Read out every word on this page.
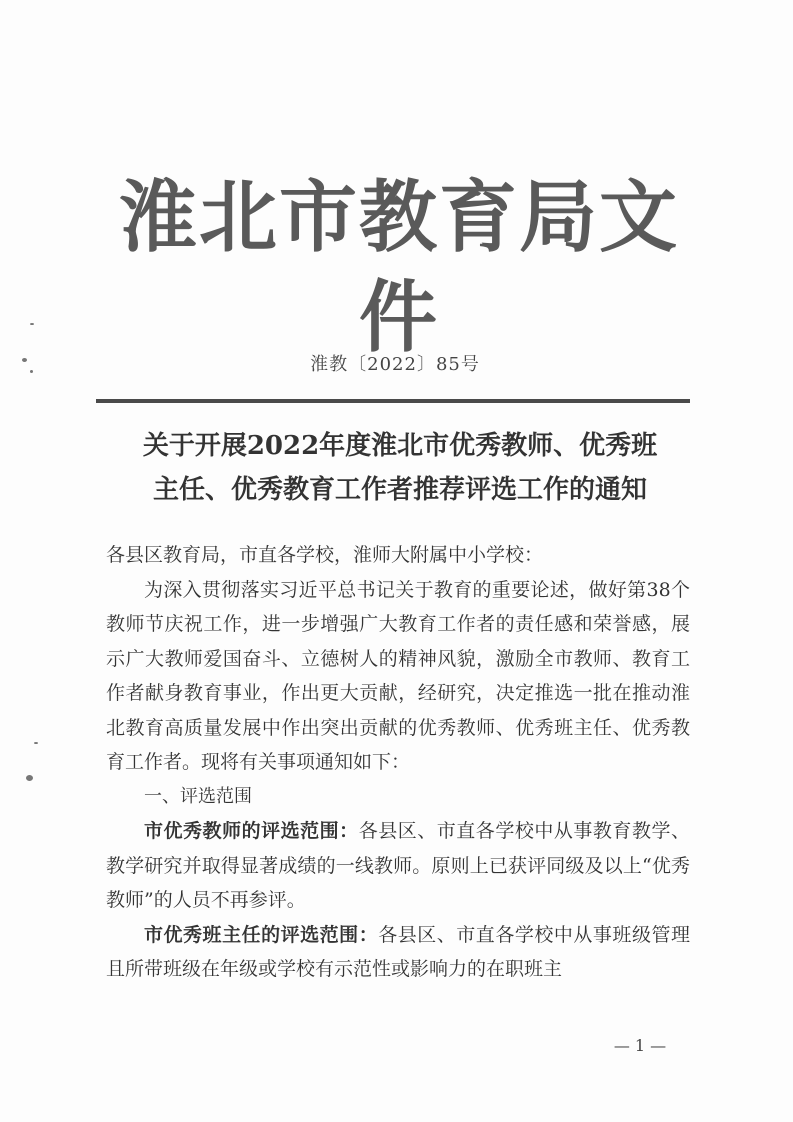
淮北市教育局文件
淮教〔2022〕85号
关于开展2022年度淮北市优秀教师、优秀班
主任、优秀教育工作者推荐评选工作的通知

各县区教育局，市直各学校，淮师大附属中小学校：

为深入贯彻落实习近平总书记关于教育的重要论述，做好第38个教师节庆祝工作，进一步增强广大教育工作者的责任感和荣誉感，展示广大教师爱国奋斗、立德树人的精神风貌，激励全市教师、教育工作者献身教育事业，作出更大贡献，经研究，决定推选一批在推动淮北教育高质量发展中作出突出贡献的优秀教师、优秀班主任、优秀教育工作者。现将有关事项通知如下：

一、评选范围

市优秀教师的评选范围：各县区、市直各学校中从事教育教学、教学研究并取得显著成绩的一线教师。原则上已获评同级及以上“优秀教师”的人员不再参评。

市优秀班主任的评选范围：各县区、市直各学校中从事班级管理且所带班级在年级或学校有示范性或影响力的在职班主

— 1 —
